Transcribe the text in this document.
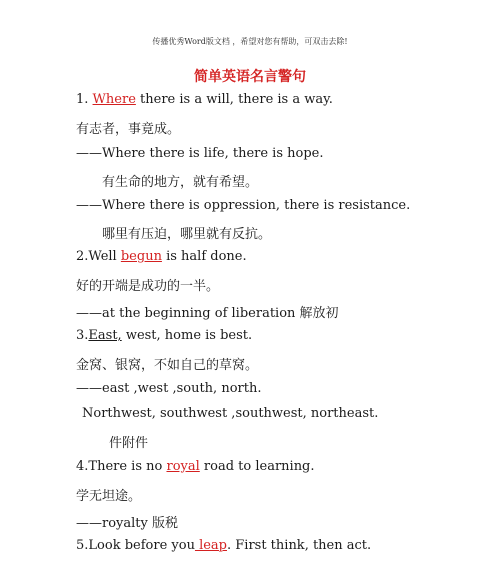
传播优秀Word版文档 ，希望对您有帮助，可双击去除!
简单英语名言警句
1. Where there is a will, there is a way.
有志者，事竟成。
——Where there is life, there is hope.
有生命的地方，就有希望。
——Where there is oppression, there is resistance.
哪里有压迫，哪里就有反抗。
2.Well begun is half done.
好的开端是成功的一半。
——at the beginning of liberation 解放初
3.East, west, home is best.
金窝、银窝，不如自己的草窝。
——east ,west ,south, north.
Northwest, southwest ,southwest, northeast.
件附件
4.There is no royal road to learning.
学无坦途。
——royalty 版税
5.Look before you leap. First think, then act.
